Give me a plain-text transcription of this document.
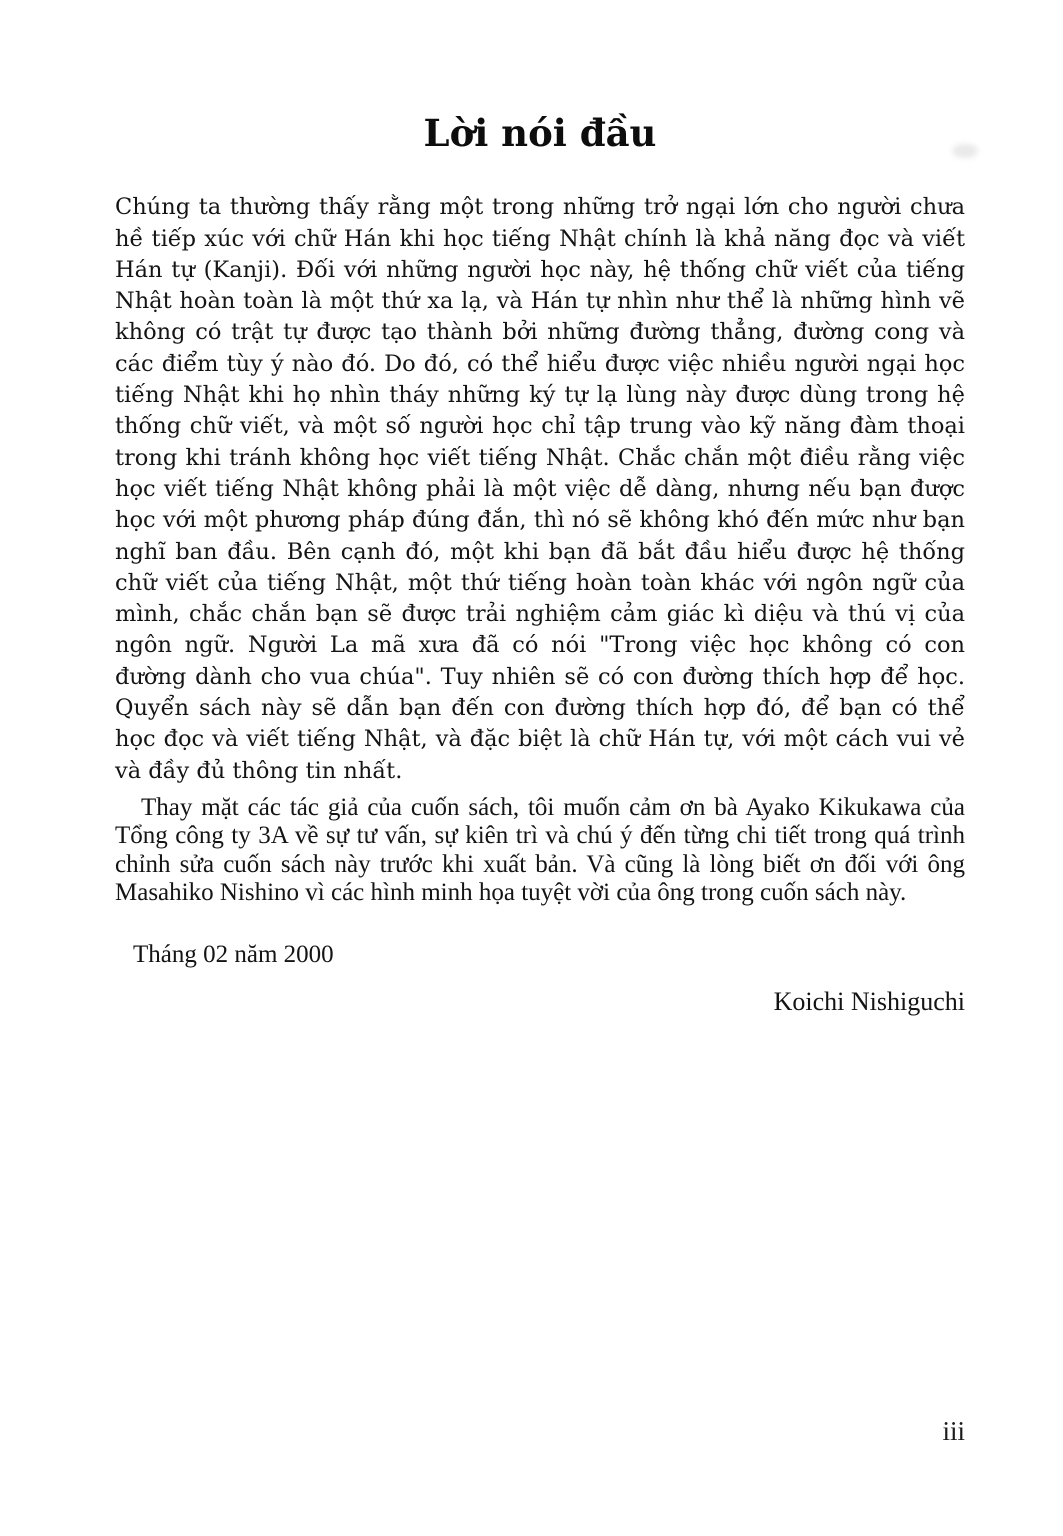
Lời nói đầu

Chúng ta thường thấy rằng một trong những trở ngại lớn cho người chưa hề tiếp xúc với chữ Hán khi học tiếng Nhật chính là khả năng đọc và viết Hán tự (Kanji). Đối với những người học này, hệ thống chữ viết của tiếng Nhật hoàn toàn là một thứ xa lạ, và Hán tự nhìn như thể là những hình vẽ không có trật tự được tạo thành bởi những đường thẳng, đường cong và các điểm tùy ý nào đó. Do đó, có thể hiểu được việc nhiều người ngại học tiếng Nhật khi họ nhìn tháy những ký tự lạ lùng này được dùng trong hệ thống chữ viết, và một số người học chỉ tập trung vào kỹ năng đàm thoại trong khi tránh không học viết tiếng Nhật. Chắc chắn một điều rằng việc học viết tiếng Nhật không phải là một việc dễ dàng, nhưng nếu bạn được học với một phương pháp đúng đắn, thì nó sẽ không khó đến mức như bạn nghĩ ban đầu. Bên cạnh đó, một khi bạn đã bắt đầu hiểu được hệ thống chữ viết của tiếng Nhật, một thứ tiếng hoàn toàn khác với ngôn ngữ của mình, chắc chắn bạn sẽ được trải nghiệm cảm giác kì diệu và thú vị của ngôn ngữ. Người La mã xưa đã có nói "Trong việc học không có con đường dành cho vua chúa". Tuy nhiên sẽ có con đường thích hợp để học. Quyển sách này sẽ dẫn bạn đến con đường thích hợp đó, để bạn có thể học đọc và viết tiếng Nhật, và đặc biệt là chữ Hán tự, với một cách vui vẻ và đầy đủ thông tin nhất.

Thay mặt các tác giả của cuốn sách, tôi muốn cảm ơn bà Ayako Kikukawa của Tổng công ty 3A về sự tư vấn, sự kiên trì và chú ý đến từng chi tiết trong quá trình chỉnh sửa cuốn sách này trước khi xuất bản. Và cũng là lòng biết ơn đối với ông Masahiko Nishino vì các hình minh họa tuyệt vời của ông trong cuốn sách này.

Tháng 02 năm 2000

Koichi Nishiguchi

iii
